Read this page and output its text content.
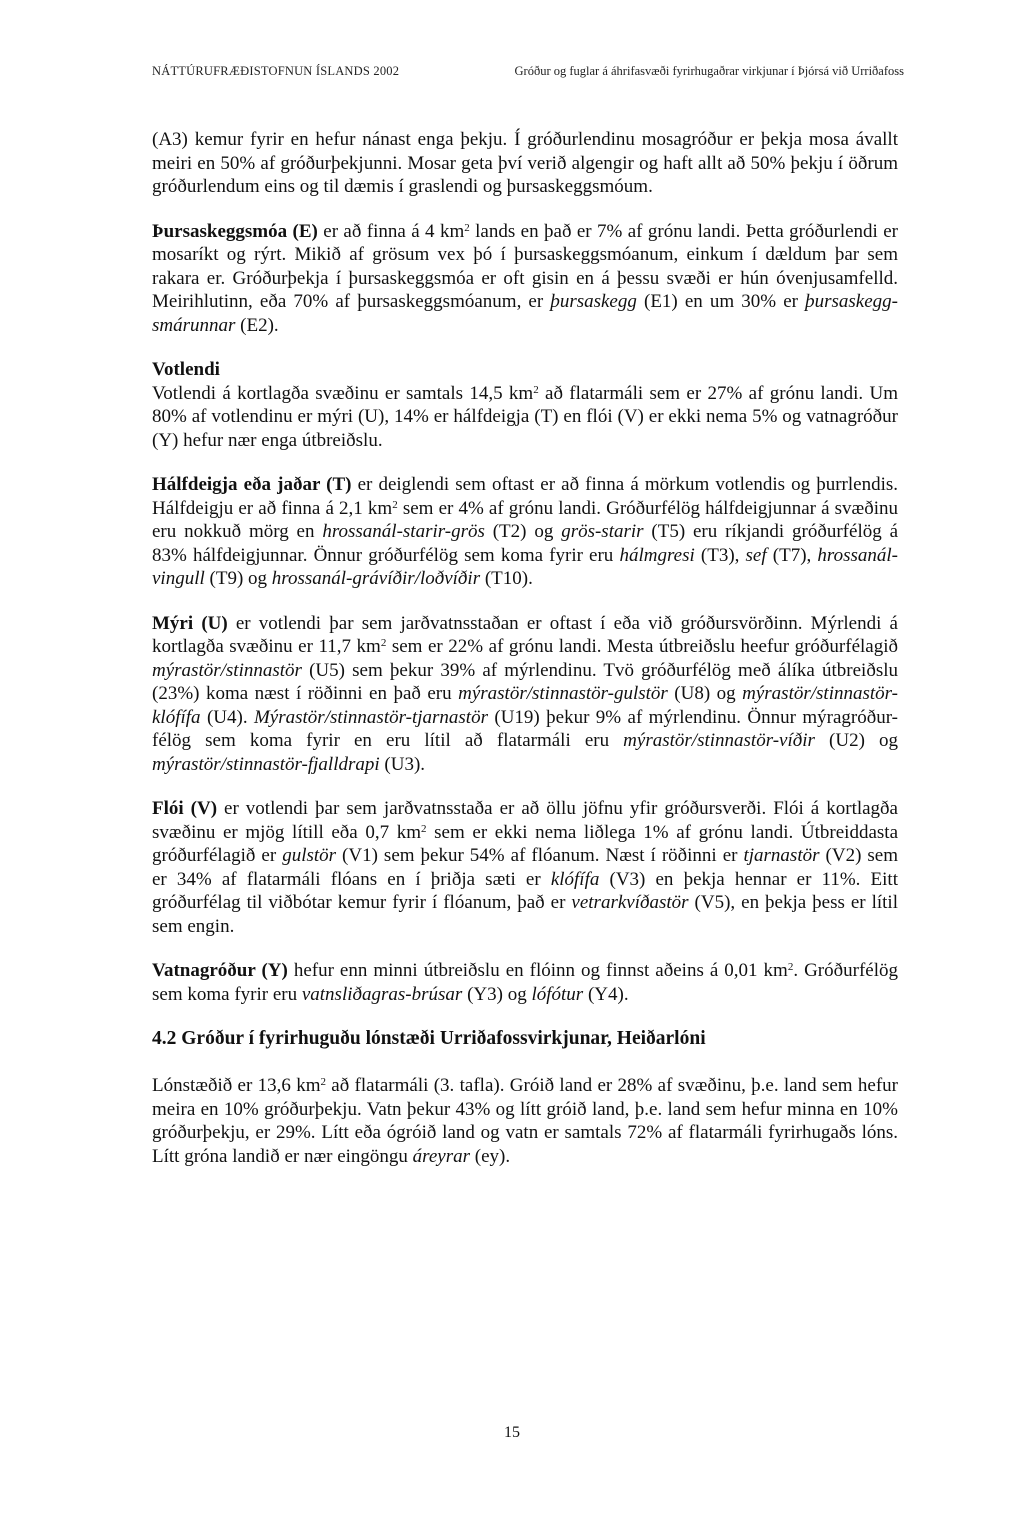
NÁTTÚRUFRÆÐISTOFNUN ÍSLANDS 2002	Gróður og fuglar á áhrifasvæði fyrirhugaðrar virkjunar í Þjórsá við Urriðafoss

(A3) kemur fyrir en hefur nánast enga þekju. Í gróðurlendinu mosagróður er þekja mosa ávallt meiri en 50% af gróðurþekjunni. Mosar geta því verið algengir og haft allt að 50% þekju í öðrum gróðurlendum eins og til dæmis í graslendi og þursaskeggsmóum.

Þursaskeggsmóa (E) er að finna á 4 $km^2$ lands en það er 7% af grónu landi. Þetta gróðurlendi er mosaríkt og rýrt. Mikið af grösum vex þó í þursaskeggsmóanum, einkum í dældum þar sem rakara er. Gróðurþekja í þursaskeggsmóa er oft gisin en á þessu svæði er hún óvenjusamfelld. Meirihlutinn, eða 70% af þursaskeggsmóanum, er þursaskegg (E1) en um 30% er þursaskegg-smárunnar (E2).

Votlendi

Votlendi á kortlagða svæðinu er samtals 14,5 $km^2$ að flatarmáli sem er 27% af grónu landi. Um 80% af votlendinu er mýri (U), 14% er hálfdeigja (T) en flói (V) er ekki nema 5% og vatnagróður (Y) hefur nær enga útbreiðslu.

Hálfdeigja eða jaðar (T) er deiglendi sem oftast er að finna á mörkum votlendis og þurrlendis. Hálfdeigju er að finna á 2,1 $km^2$ sem er 4% af grónu landi. Gróðurfélög hálfdeigjunnar á svæðinu eru nokkuð mörg en hrossanál-starir-grös (T2) og grös-starir (T5) eru ríkjandi gróðurfélög á 83% hálfdeigjunnar. Önnur gróðurfélög sem koma fyrir eru hálmgresi (T3), sef (T7), hrossanál-vingull (T9) og hrossanál-grávíðir/loðvíðir (T10).

Mýri (U) er votlendi þar sem jarðvatnsstaðan er oftast í eða við gróðursvörðinn. Mýrlendi á kortlagða svæðinu er 11,7 $km^2$ sem er 22% af grónu landi. Mesta útbreiðslu heefur gróðurfélagið mýrastör/stinnastör (U5) sem þekur 39% af mýrlendinu. Tvö gróðurfélög með álíka útbreiðslu (23%) koma næst í röðinni en það eru mýrastör/stinnastör-gulstör (U8) og mýrastör/stinnastör-klófífa (U4). Mýrastör/stinnastör-tjarnastör (U19) þekur 9% af mýrlendinu. Önnur mýragróður-félög sem koma fyrir en eru lítil að flatarmáli eru mýrastör/stinnastör-víðir (U2) og mýrastör/stinnastör-fjalldrapi (U3).

Flói (V) er votlendi þar sem jarðvatnsstaða er að öllu jöfnu yfir gróðursverði. Flói á kortlagða svæðinu er mjög lítill eða 0,7 $km^2$ sem er ekki nema liðlega 1% af grónu landi. Útbreiddasta gróðurfélagið er gulstör (V1) sem þekur 54% af flóanum. Næst í röðinni er tjarnastör (V2) sem er 34% af flatarmáli flóans en í þriðja sæti er klófífa (V3) en þekja hennar er 11%. Eitt gróðurfélag til viðbótar kemur fyrir í flóanum, það er vetrarkvíðastör (V5), en þekja þess er lítil sem engin.

Vatnagróður (Y) hefur enn minni útbreiðslu en flóinn og finnst aðeins á 0,01 $km^2$. Gróðurfélög sem koma fyrir eru vatnsliðagras-brúsar (Y3) og lófótur (Y4).

4.2 Gróður í fyrirhuguðu lónstæði Urriðafossvirkjunar, Heiðarlóni

Lónstæðið er 13,6 $km^2$ að flatarmáli (3. tafla). Gróið land er 28% af svæðinu, þ.e. land sem hefur meira en 10% gróðurþekju. Vatn þekur 43% og lítt gróið land, þ.e. land sem hefur minna en 10% gróðurþekju, er 29%. Lítt eða ógróið land og vatn er samtals 72% af flatarmáli fyrirhugaðs lóns. Lítt gróna landið er nær eingöngu áreyrar (ey).

15
